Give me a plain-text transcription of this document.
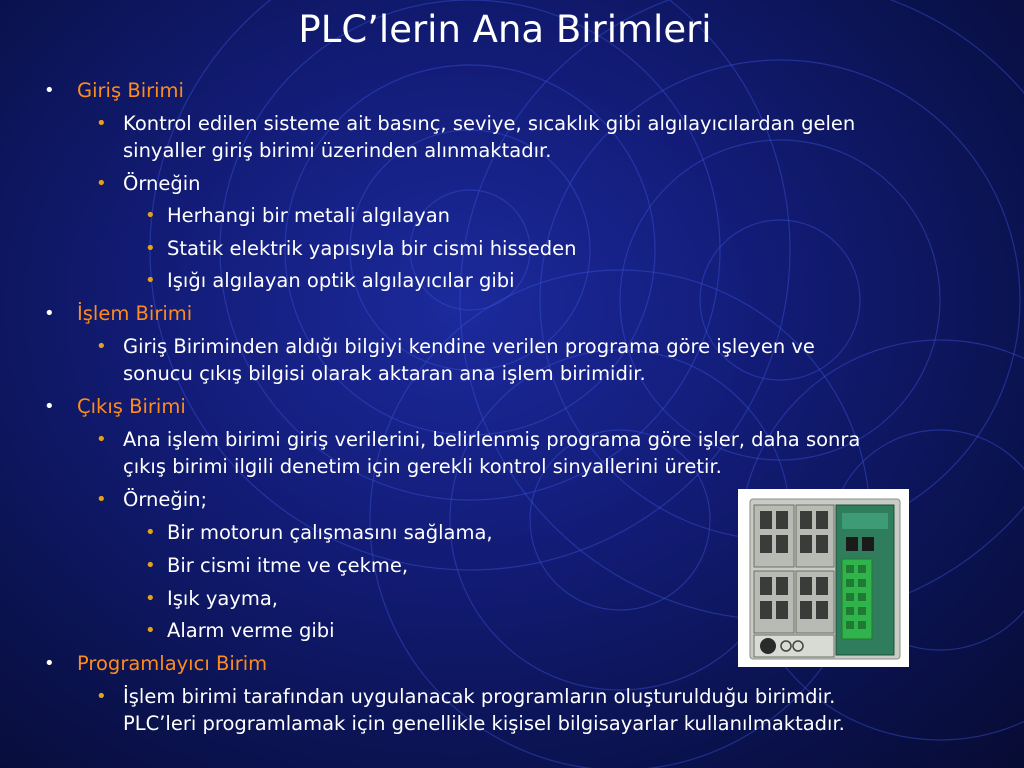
PLC’lerin Ana Birimleri
• Giriş Birimi
• Kontrol edilen sisteme ait basınç, seviye, sıcaklık gibi algılayıcılardan gelen
sinyaller giriş birimi üzerinden alınmaktadır.
• Örneğin
• Herhangi bir metali algılayan
• Statik elektrik yapısıyla bir cismi hisseden
• Işığı algılayan optik algılayıcılar gibi
• İşlem Birimi
• Giriş Biriminden aldığı bilgiyi kendine verilen programa göre işleyen ve
sonucu çıkış bilgisi olarak aktaran ana işlem birimidir.
• Çıkış Birimi
• Ana işlem birimi giriş verilerini, belirlenmiş programa göre işler, daha sonra
çıkış birimi ilgili denetim için gerekli kontrol sinyallerini üretir.
• Örneğin;
• Bir motorun çalışmasını sağlama,
• Bir cismi itme ve çekme,
• Işık yayma,
• Alarm verme gibi
• Programlayıcı Birim
• İşlem birimi tarafından uygulanacak programların oluşturulduğu birimdir.
PLC’leri programlamak için genellikle kişisel bilgisayarlar kullanılmaktadır.
